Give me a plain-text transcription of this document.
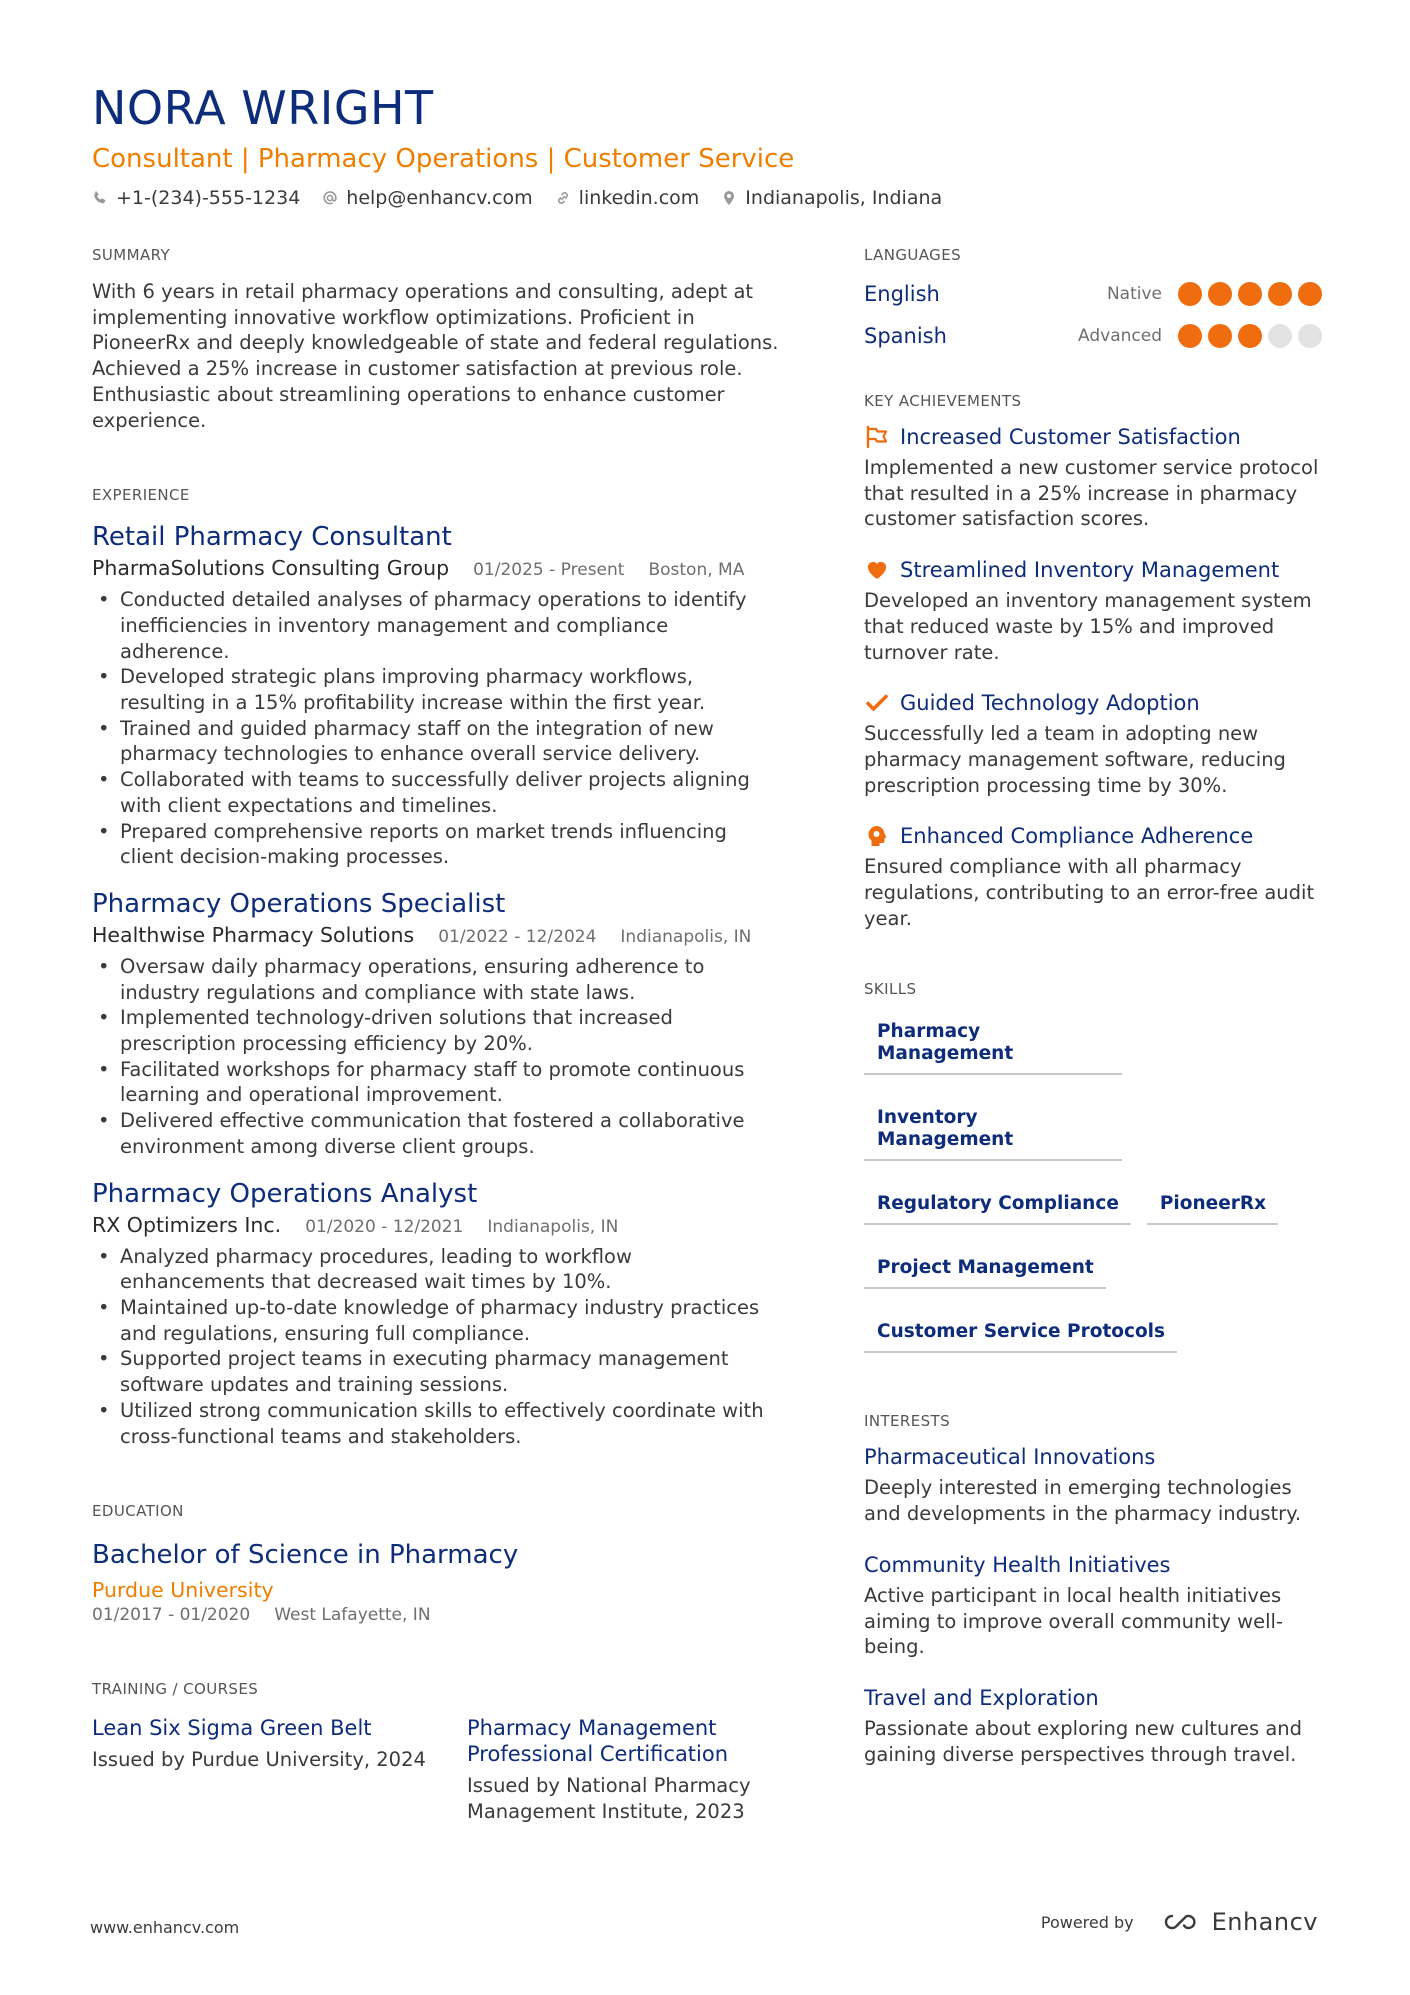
NORA WRIGHT
Consultant | Pharmacy Operations | Customer Service
+1-(234)-555-1234 help@enhancv.com linkedin.com Indianapolis, Indiana
SUMMARY

With 6 years in retail pharmacy operations and consulting, adept at implementing innovative workflow optimizations. Proficient in PioneerRx and deeply knowledgeable of state and federal regulations. Achieved a 25% increase in customer satisfaction at previous role. Enthusiastic about streamlining operations to enhance customer experience.

EXPERIENCE
Retail Pharmacy Consultant
PharmaSolutions Consulting Group 01/2025 - Present Boston, MA
• Conducted detailed analyses of pharmacy operations to identify inefficiencies in inventory management and compliance adherence.
• Developed strategic plans improving pharmacy workflows, resulting in a 15% profitability increase within the first year.
• Trained and guided pharmacy staff on the integration of new pharmacy technologies to enhance overall service delivery.
• Collaborated with teams to successfully deliver projects aligning with client expectations and timelines.
• Prepared comprehensive reports on market trends influencing client decision-making processes.
Pharmacy Operations Specialist
Healthwise Pharmacy Solutions 01/2022 - 12/2024 Indianapolis, IN
• Oversaw daily pharmacy operations, ensuring adherence to industry regulations and compliance with state laws.
• Implemented technology-driven solutions that increased prescription processing efficiency by 20%.
• Facilitated workshops for pharmacy staff to promote continuous learning and operational improvement.
• Delivered effective communication that fostered a collaborative environment among diverse client groups.
Pharmacy Operations Analyst
RX Optimizers Inc. 01/2020 - 12/2021 Indianapolis, IN
• Analyzed pharmacy procedures, leading to workflow enhancements that decreased wait times by 10%.
• Maintained up-to-date knowledge of pharmacy industry practices and regulations, ensuring full compliance.
• Supported project teams in executing pharmacy management software updates and training sessions.
• Utilized strong communication skills to effectively coordinate with cross-functional teams and stakeholders.
EDUCATION
Bachelor of Science in Pharmacy
Purdue University
01/2017 - 01/2020 West Lafayette, IN
TRAINING / COURSES
Lean Six Sigma Green Belt
Issued by Purdue University, 2024
Pharmacy Management Professional Certification
Issued by National Pharmacy Management Institute, 2023
LANGUAGES
English	Native
Spanish	Advanced
KEY ACHIEVEMENTS
Increased Customer Satisfaction
Implemented a new customer service protocol that resulted in a 25% increase in pharmacy customer satisfaction scores.
Streamlined Inventory Management
Developed an inventory management system that reduced waste by 15% and improved turnover rate.
Guided Technology Adoption
Successfully led a team in adopting new pharmacy management software, reducing prescription processing time by 30%.
Enhanced Compliance Adherence
Ensured compliance with all pharmacy regulations, contributing to an error-free audit year.
SKILLS
Pharmacy Management
Inventory Management
Regulatory Compliance	PioneerRx
Project Management
Customer Service Protocols
INTERESTS
Pharmaceutical Innovations
Deeply interested in emerging technologies and developments in the pharmacy industry.
Community Health Initiatives
Active participant in local health initiatives aiming to improve overall community well-being.
Travel and Exploration
Passionate about exploring new cultures and gaining diverse perspectives through travel.
www.enhancv.com	Powered by	Enhancv
